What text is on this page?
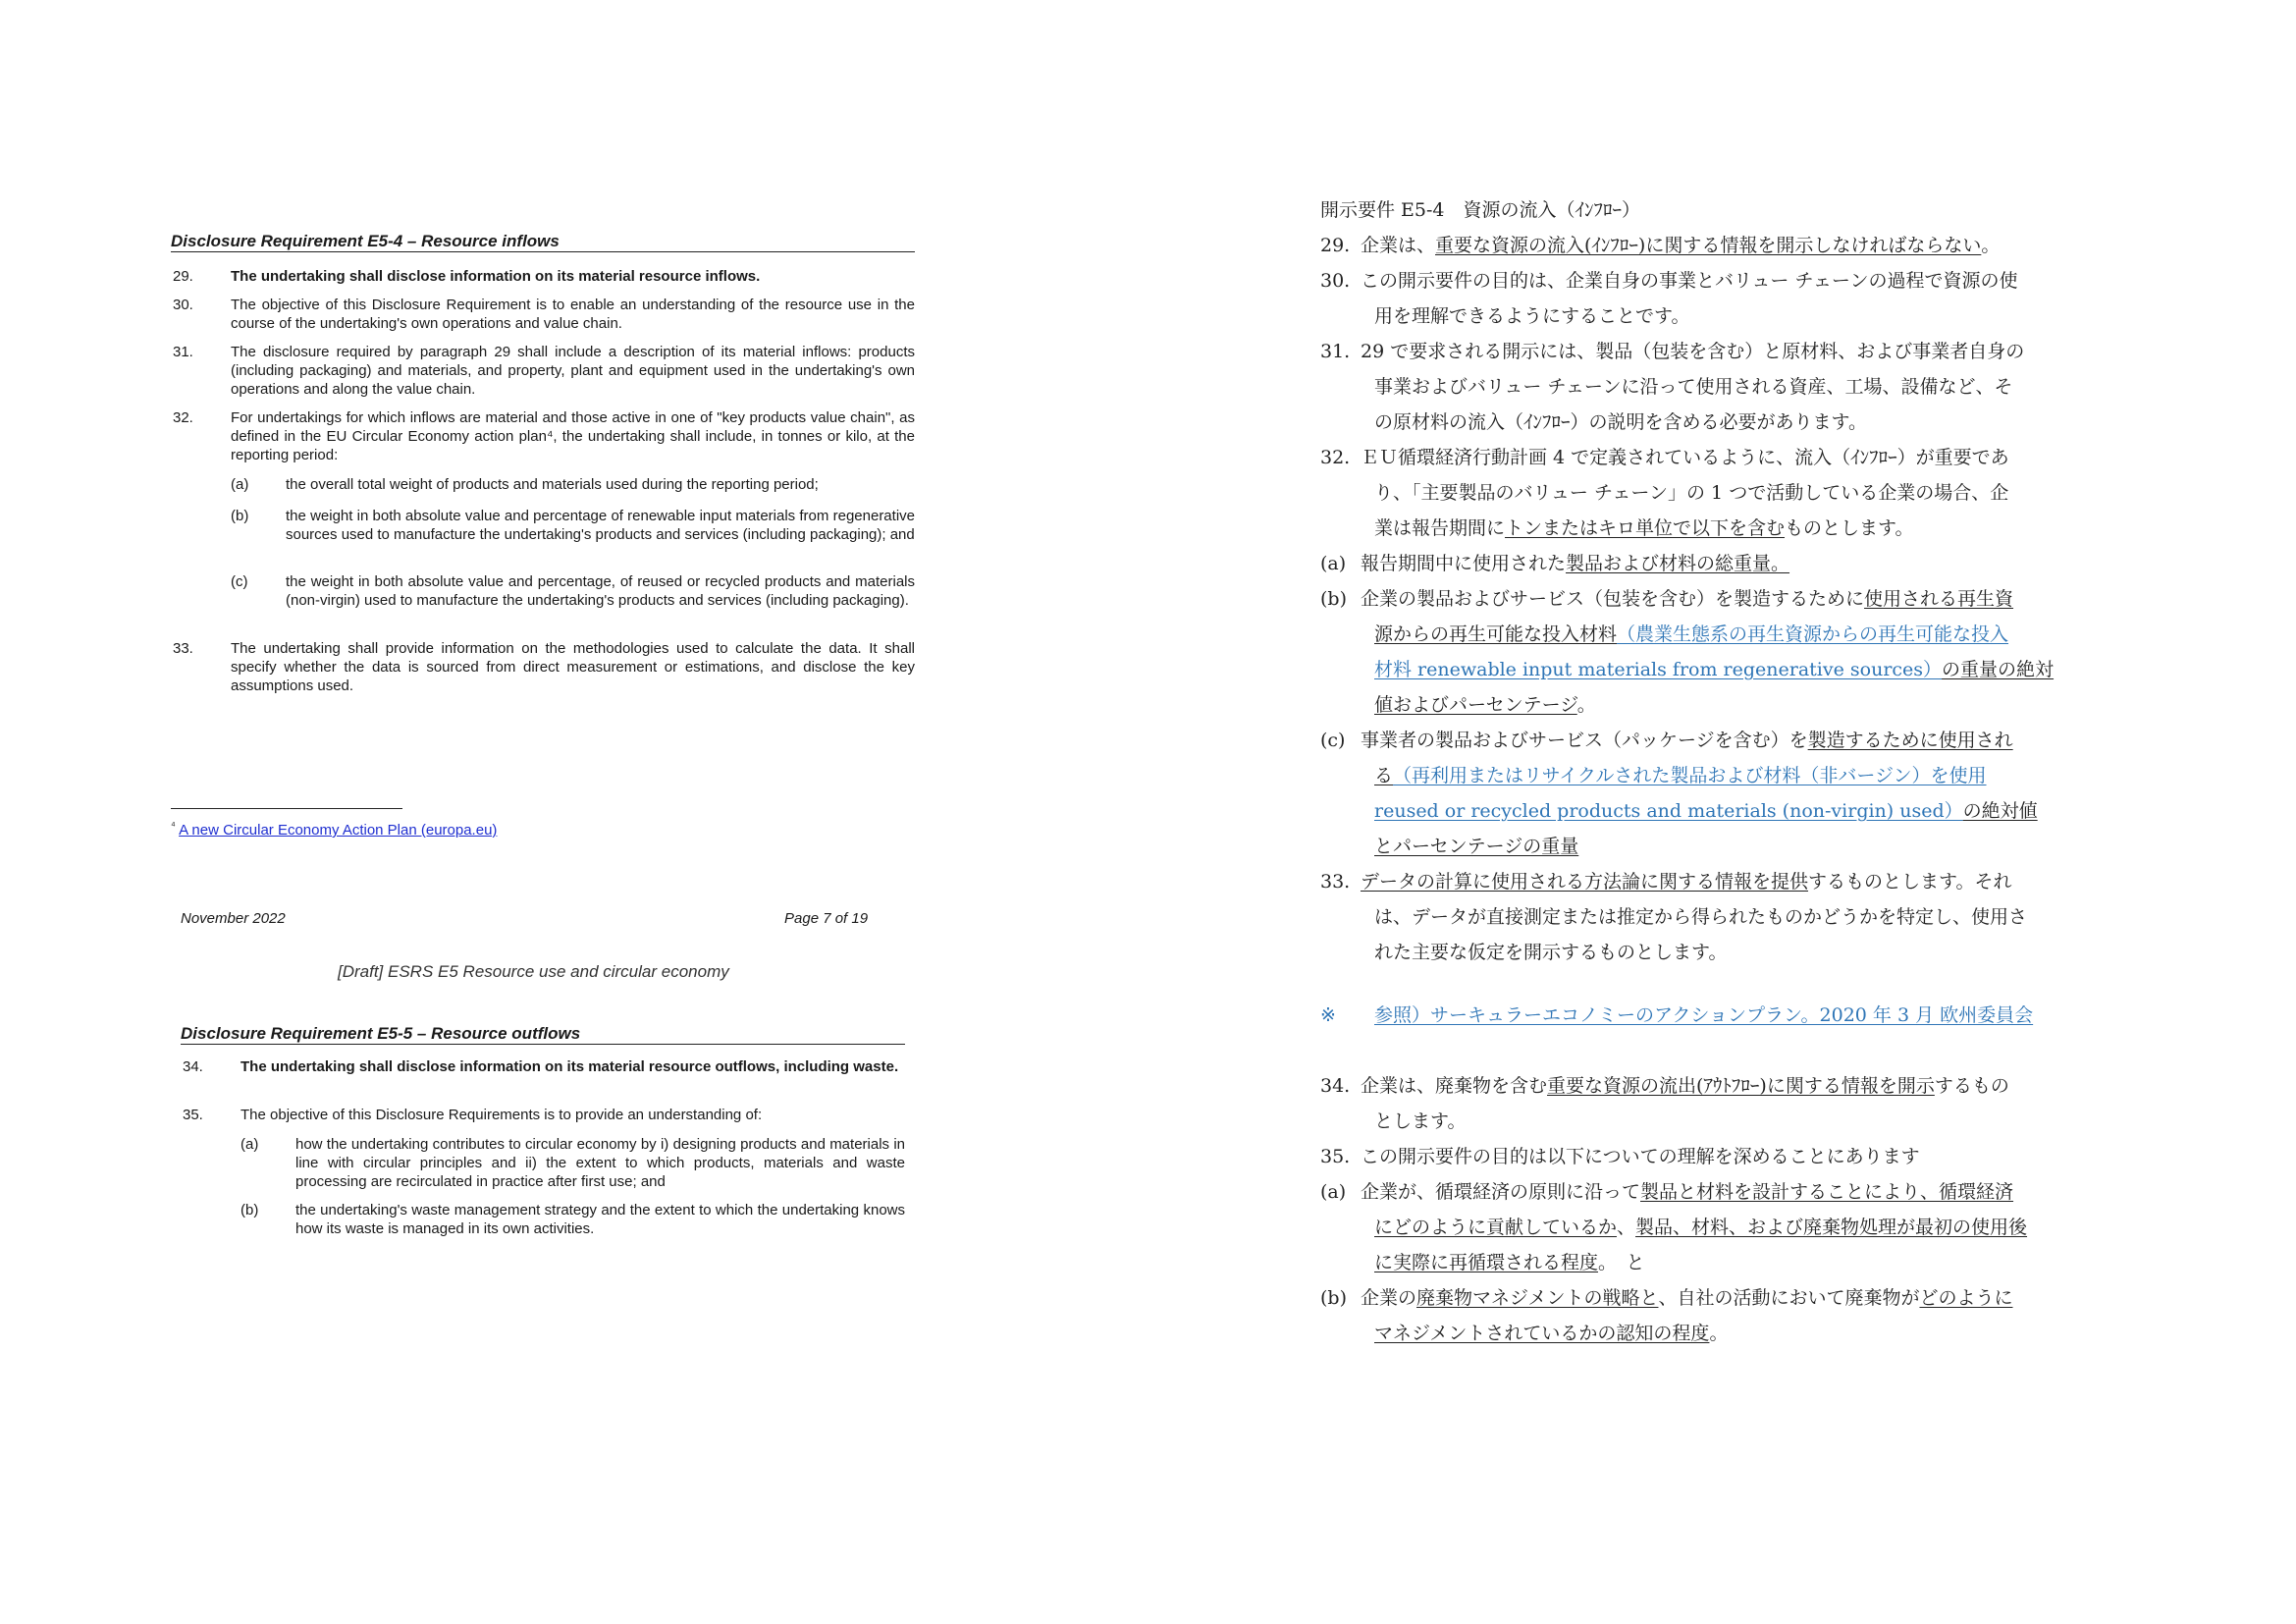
Disclosure Requirement E5-4 – Resource inflows
29.	The undertaking shall disclose information on its material resource inflows.
30.	The objective of this Disclosure Requirement is to enable an understanding of the resource use in the course of the undertaking's own operations and value chain.
31.	The disclosure required by paragraph 29 shall include a description of its material inflows: products (including packaging) and materials, and property, plant and equipment used in the undertaking's own operations and along the value chain.
32.	For undertakings for which inflows are material and those active in one of "key products value chain", as defined in the EU Circular Economy action plan⁴, the undertaking shall include, in tonnes or kilo, at the reporting period:
(a)	the overall total weight of products and materials used during the reporting period;
(b)	the weight in both absolute value and percentage of renewable input materials from regenerative sources used to manufacture the undertaking's products and services (including packaging); and
(c)	the weight in both absolute value and percentage, of reused or recycled products and materials (non-virgin) used to manufacture the undertaking's products and services (including packaging).
33.	The undertaking shall provide information on the methodologies used to calculate the data. It shall specify whether the data is sourced from direct measurement or estimations, and disclose the key assumptions used.
$^{^4}$ A new Circular Economy Action Plan (europa.eu)
November 2022	Page 7 of 19
[Draft] ESRS E5 Resource use and circular economy
Disclosure Requirement E5-5 – Resource outflows
34.	The undertaking shall disclose information on its material resource outflows, including waste.
35.	The objective of this Disclosure Requirements is to provide an understanding of:
(a)	how the undertaking contributes to circular economy by i) designing products and materials in line with circular principles and ii) the extent to which products, materials and waste processing are recirculated in practice after first use; and
(b)	the undertaking's waste management strategy and the extent to which the undertaking knows how its waste is managed in its own activities.
開示要件 E5-4　資源の流入（ｲﾝﾌﾛｰ）
29. 企業は、重要な資源の流入(ｲﾝﾌﾛｰ)に関する情報を開示しなければならない。
30. この開示要件の目的は、企業自身の事業とバリュー チェーンの過程で資源の使
用を理解できるようにすることです。
31. 29 で要求される開示には、製品（包装を含む）と原材料、および事業者自身の
事業およびバリュー チェーンに沿って使用される資産、工場、設備など、そ
の原材料の流入（ｲﾝﾌﾛｰ）の説明を含める必要があります。
32. ＥＵ循環経済行動計画 4 で定義されているように、流入（ｲﾝﾌﾛｰ）が重要であ
り、「主要製品のバリュー チェーン」の 1 つで活動している企業の場合、企
業は報告期間にトンまたはキロ単位で以下を含むものとします。
(a) 報告期間中に使用された製品および材料の総重量。
(b) 企業の製品およびサービス（包装を含む）を製造するために使用される再生資
源からの再生可能な投入材料（農業生態系の再生資源からの再生可能な投入
材料 renewable input materials from regenerative sources）の重量の絶対
値およびパーセンテージ。
(c) 事業者の製品およびサービス（パッケージを含む）を製造するために使用され
る（再利用またはリサイクルされた製品および材料（非バージン）を使用
reused or recycled products and materials (non-virgin) used）の絶対値
とパーセンテージの重量
33. データの計算に使用される方法論に関する情報を提供するものとします。それ
は、データが直接測定または推定から得られたものかどうかを特定し、使用さ
れた主要な仮定を開示するものとします。
※ 参照）サーキュラーエコノミーのアクションプラン。2020 年 3 月 欧州委員会
34. 企業は、廃棄物を含む重要な資源の流出(ｱｳﾄﾌﾛｰ)に関する情報を開示するもの
とします。
35. この開示要件の目的は以下についての理解を深めることにあります
(a) 企業が、循環経済の原則に沿って製品と材料を設計することにより、循環経済
にどのように貢献しているか、製品、材料、および廃棄物処理が最初の使用後
に実際に再循環される程度。　と
(b) 企業の廃棄物マネジメントの戦略と、自社の活動において廃棄物がどのように
マネジメントされているかの認知の程度。
